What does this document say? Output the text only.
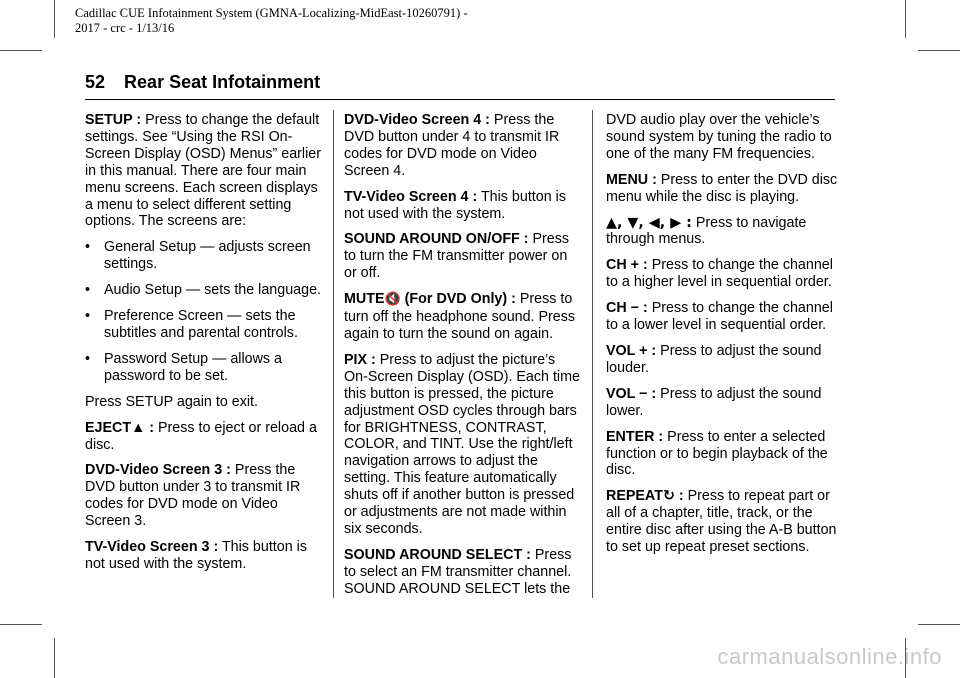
Cadillac CUE Infotainment System (GMNA-Localizing-MidEast-10260791) -
2017 - crc - 1/13/16
52 Rear Seat Infotainment

SETUP : Press to change the default settings. See “Using the RSI On-Screen Display (OSD) Menus” earlier in this manual. There are four main menu screens. Each screen displays a menu to select different setting options. The screens are:

• General Setup — adjusts screen settings.
• Audio Setup — sets the language.
• Preference Screen — sets the subtitles and parental controls.
• Password Setup — allows a password to be set.

Press SETUP again to exit.

EJECT▲ : Press to eject or reload a disc.

DVD-Video Screen 3 : Press the DVD button under 3 to transmit IR codes for DVD mode on Video Screen 3.

TV-Video Screen 3 : This button is not used with the system.

DVD-Video Screen 4 : Press the DVD button under 4 to transmit IR codes for DVD mode on Video Screen 4.

TV-Video Screen 4 : This button is not used with the system.

SOUND AROUND ON/OFF : Press to turn the FM transmitter power on or off.

MUTE🔇 (For DVD Only) : Press to turn off the headphone sound. Press again to turn the sound on again.

PIX : Press to adjust the picture’s On-Screen Display (OSD). Each time this button is pressed, the picture adjustment OSD cycles through bars for BRIGHTNESS, CONTRAST, COLOR, and TINT. Use the right/left navigation arrows to adjust the setting. This feature automatically shuts off if another button is pressed or adjustments are not made within six seconds.

SOUND AROUND SELECT : Press to select an FM transmitter channel. SOUND AROUND SELECT lets the

DVD audio play over the vehicle’s sound system by tuning the radio to one of the many FM frequencies.

MENU : Press to enter the DVD disc menu while the disc is playing.

▲, ▼, ◀, ▶ : Press to navigate through menus.

CH + : Press to change the channel to a higher level in sequential order.

CH − : Press to change the channel to a lower level in sequential order.

VOL + : Press to adjust the sound louder.

VOL − : Press to adjust the sound lower.

ENTER : Press to enter a selected function or to begin playback of the disc.

REPEAT↻ : Press to repeat part or all of a chapter, title, track, or the entire disc after using the A-B button to set up repeat preset sections.

carmanualsonline.info
